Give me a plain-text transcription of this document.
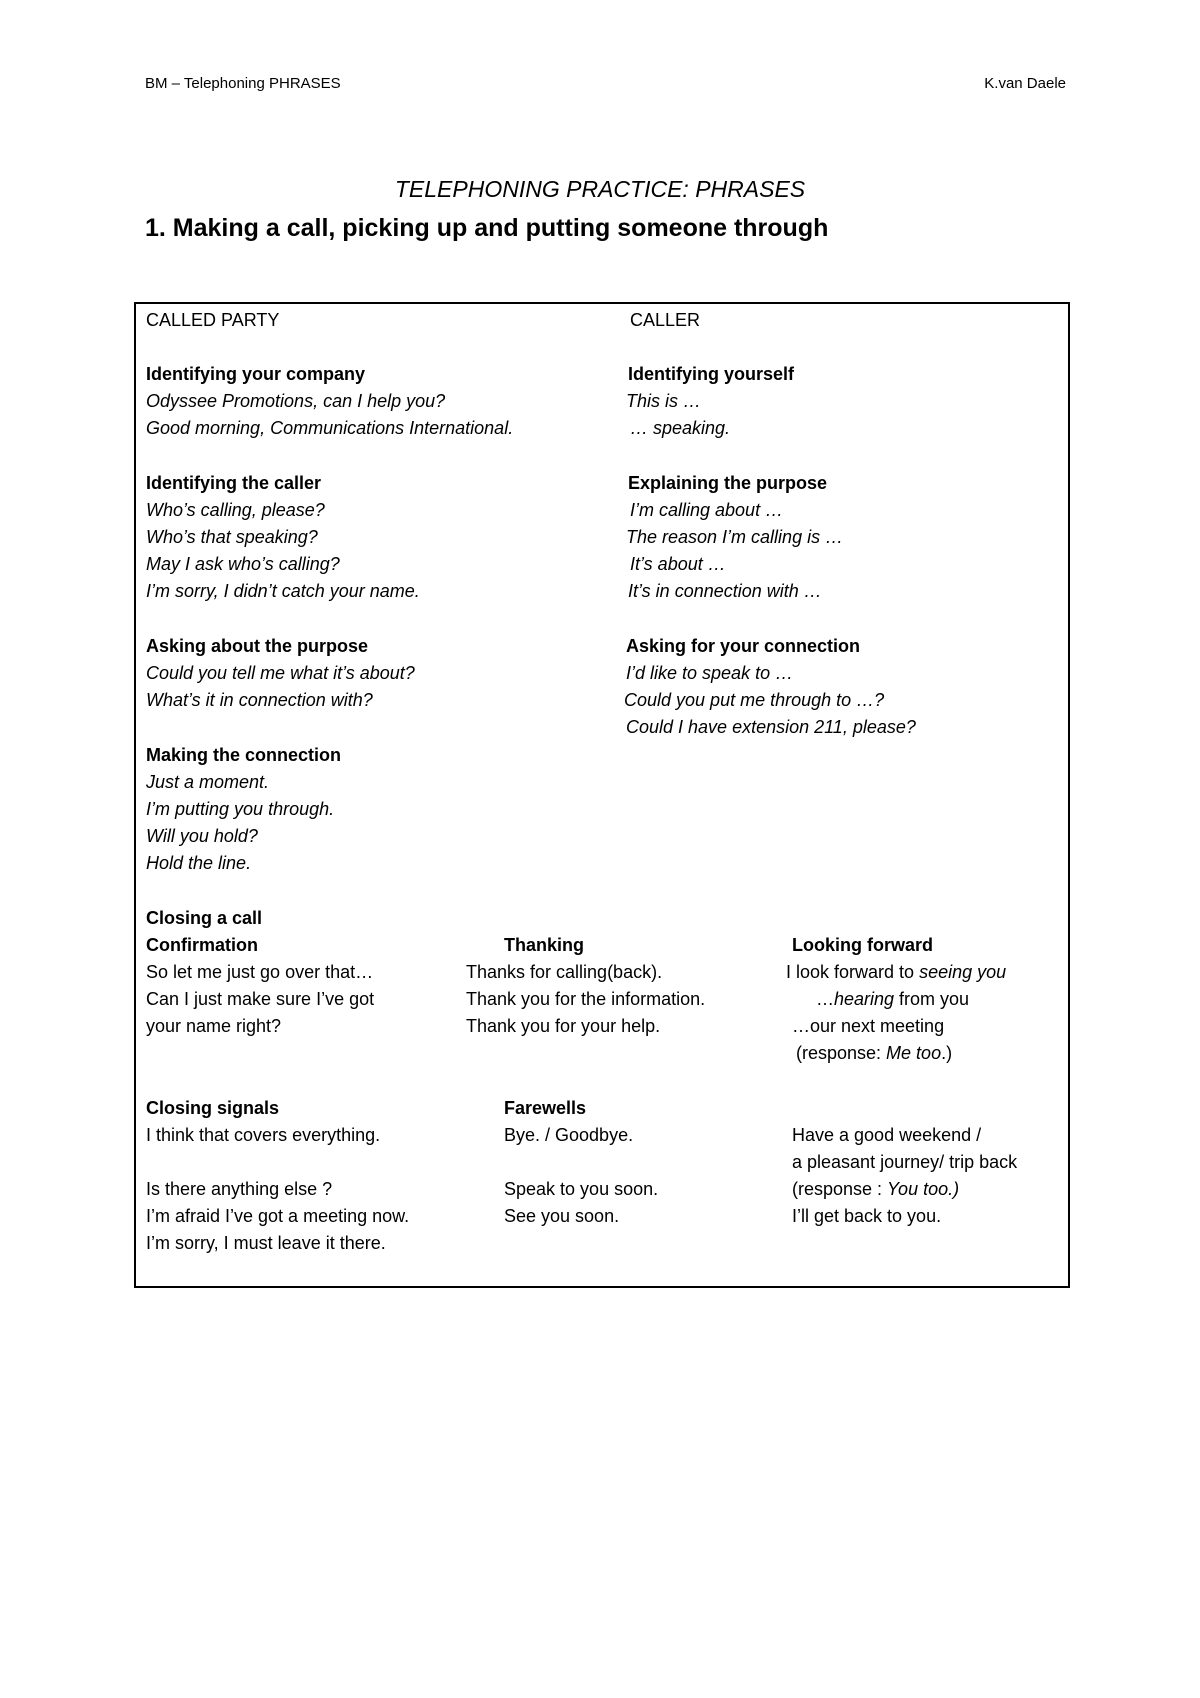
BM – Telephoning PHRASES	K.van Daele
TELEPHONING PRACTICE: PHRASES
1. Making a call, picking up and putting someone through
CALLED PARTY	CALLER
Identifying your company
Odyssee Promotions, can I help you?
Good morning, Communications International.
Identifying yourself
This is …
… speaking.
Identifying the caller
Who’s calling, please?
Who’s that speaking?
May I ask who’s calling?
I’m sorry, I didn’t catch your name.
Explaining the purpose
I’m calling about …
The reason I’m calling is …
It’s about …
It’s in connection with …
Asking about the purpose
Could you tell me what it’s about?
What’s it in connection with?
Asking for your connection
I’d like to speak to …
Could you put me through to …?
Could I have extension 211, please?
Making the connection
Just a moment.
I’m putting you through.
Will you hold?
Hold the line.
Closing a call
Confirmation
So let me just go over that…
Can I just make sure I’ve got
your name right?
Thanking
Thanks for calling(back).
Thank you for the information.
Thank you for your help.
Looking forward
I look forward to seeing you
…hearing from you
…our next meeting
(response: Me too.)
Closing signals
I think that covers everything.
Is there anything else ?
I’m afraid I’ve got a meeting now.
I’m sorry, I must leave it there.
Farewells
Bye. / Goodbye.
Speak to you soon.
See you soon.
Have a good weekend /
a pleasant journey/ trip back
(response : You too.)
I’ll get back to you.
